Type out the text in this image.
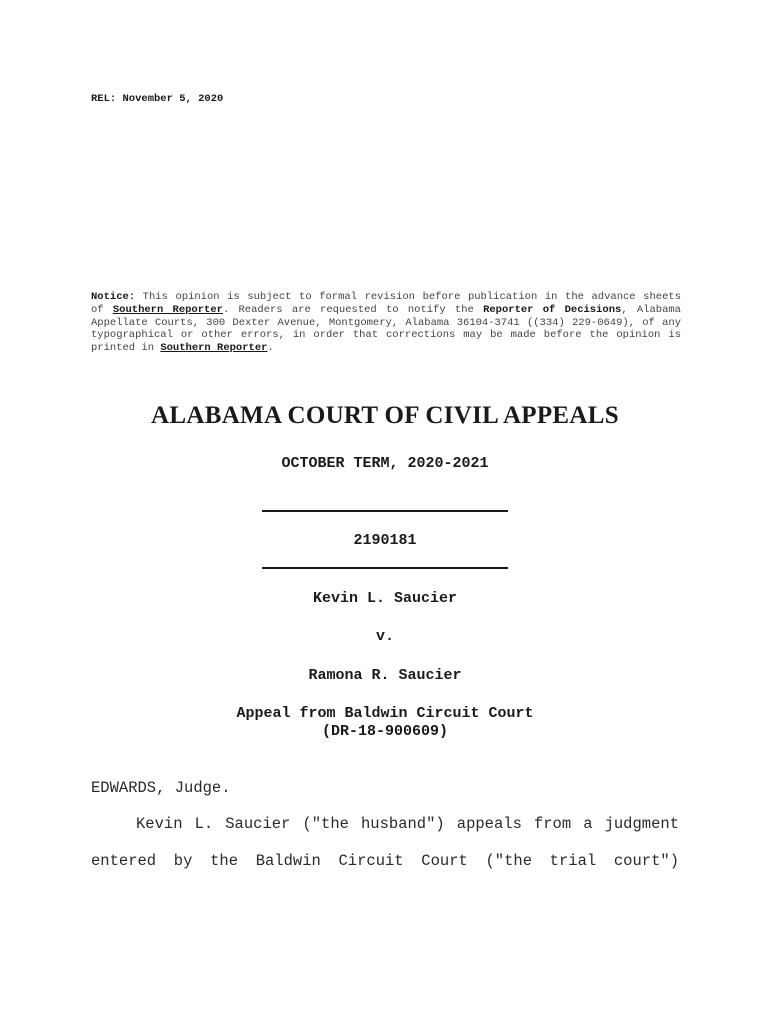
REL: November 5, 2020
Notice: This opinion is subject to formal revision before publication in the advance sheets of Southern Reporter. Readers are requested to notify the Reporter of Decisions, Alabama Appellate Courts, 300 Dexter Avenue, Montgomery, Alabama 36104-3741 ((334) 229-0649), of any typographical or other errors, in order that corrections may be made before the opinion is printed in Southern Reporter.
ALABAMA COURT OF CIVIL APPEALS
OCTOBER TERM, 2020-2021
2190181
Kevin L. Saucier
v.
Ramona R. Saucier
Appeal from Baldwin Circuit Court
(DR-18-900609)
EDWARDS, Judge.
Kevin L. Saucier ("the husband") appeals from a judgment
entered by the Baldwin Circuit Court ("the trial court")
